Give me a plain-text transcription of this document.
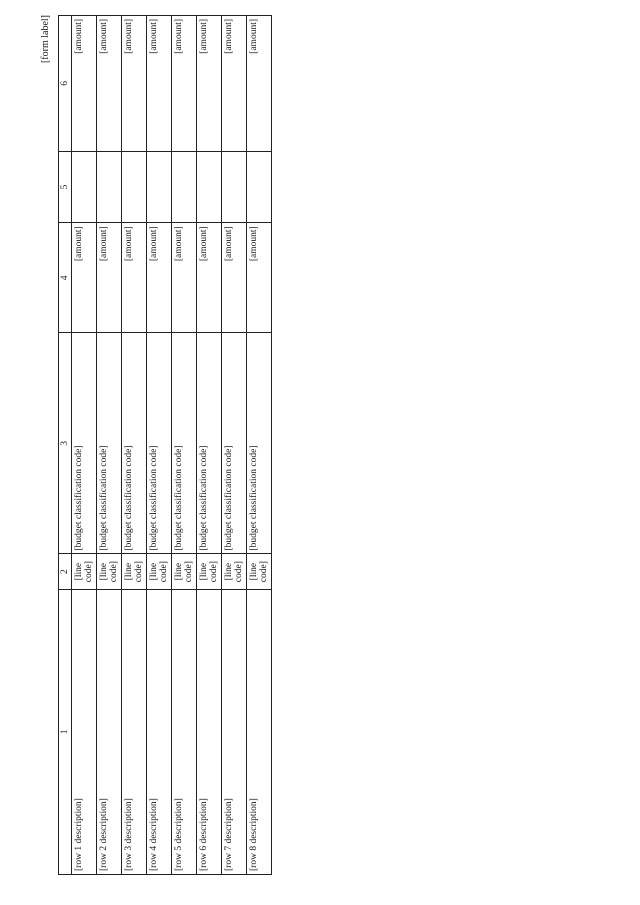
[form label]
1	2	3	4	5	6
[row 1 description]	[line code]	[budget classification code]	[amount]		[amount]
[row 2 description]	[line code]	[budget classification code]	[amount]		[amount]
[row 3 description]	[line code]	[budget classification code]	[amount]		[amount]
[row 4 description]	[line code]	[budget classification code]	[amount]		[amount]
[row 5 description]	[line code]	[budget classification code]	[amount]		[amount]
[row 6 description]	[line code]	[budget classification code]	[amount]		[amount]
[row 7 description]	[line code]	[budget classification code]	[amount]		[amount]
[row 8 description]	[line code]	[budget classification code]	[amount]		[amount]
